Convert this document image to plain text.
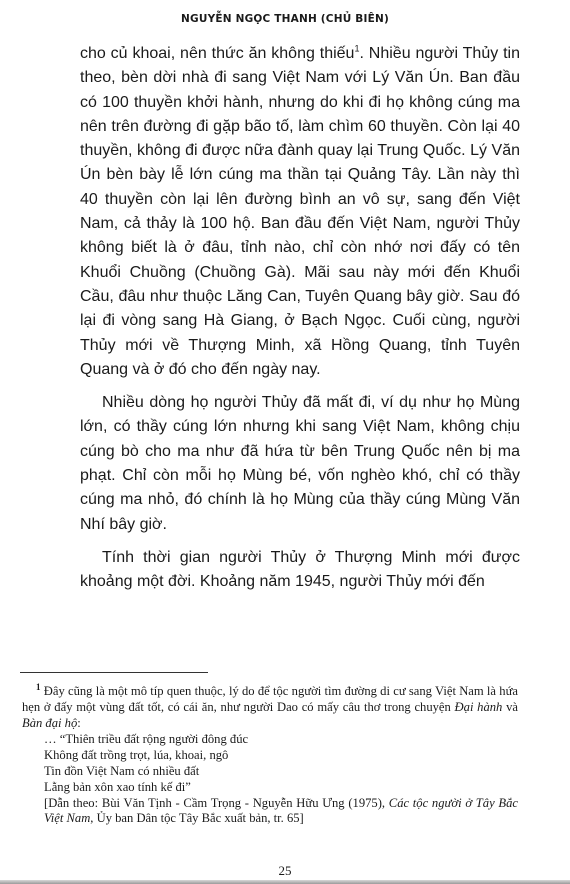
NGUYỄN NGỌC THANH (CHỦ BIÊN)

cho củ khoai, nên thức ăn không thiếu$^1$. Nhiều người Thủy tin theo, bèn dời nhà đi sang Việt Nam với Lý Văn Ún. Ban đầu có 100 thuyền khởi hành, nhưng do khi đi họ không cúng ma nên trên đường đi gặp bão tố, làm chìm 60 thuyền. Còn lại 40 thuyền, không đi được nữa đành quay lại Trung Quốc. Lý Văn Ún bèn bày lễ lớn cúng ma thần tại Quảng Tây. Lần này thì 40 thuyền còn lại lên đường bình an vô sự, sang đến Việt Nam, cả thảy là 100 hộ. Ban đầu đến Việt Nam, người Thủy không biết là ở đâu, tỉnh nào, chỉ còn nhớ nơi đấy có tên Khuổi Chuồng (Chuồng Gà). Mãi sau này mới đến Khuổi Cầu, đâu như thuộc Lăng Can, Tuyên Quang bây giờ. Sau đó lại đi vòng sang Hà Giang, ở Bạch Ngọc. Cuối cùng, người Thủy mới về Thượng Minh, xã Hồng Quang, tỉnh Tuyên Quang và ở đó cho đến ngày nay.

Nhiều dòng họ người Thủy đã mất đi, ví dụ như họ Mùng lớn, có thầy cúng lớn nhưng khi sang Việt Nam, không chịu cúng bò cho ma như đã hứa từ bên Trung Quốc nên bị ma phạt. Chỉ còn mỗi họ Mùng bé, vốn nghèo khó, chỉ có thầy cúng ma nhỏ, đó chính là họ Mùng của thầy cúng Mùng Văn Nhí bây giờ.

Tính thời gian người Thủy ở Thượng Minh mới được khoảng một đời. Khoảng năm 1945, người Thủy mới đến

$^1$ Đây cũng là một mô típ quen thuộc, lý do để tộc người tìm đường di cư sang Việt Nam là hứa hẹn ở đấy một vùng đất tốt, có cái ăn, như người Dao có mấy câu thơ trong chuyện Đại hành và Bàn đại hộ:
… “Thiên triều đất rộng người đông đúc
Không đất trồng trọt, lúa, khoai, ngô
Tin đồn Việt Nam có nhiều đất
Lằng bản xôn xao tính kế đi”
[Dẫn theo: Bùi Văn Tịnh - Cầm Trọng - Nguyễn Hữu Ưng (1975), Các tộc người ở Tây Bắc Việt Nam, Ủy ban Dân tộc Tây Bắc xuất bản, tr. 65]
25
